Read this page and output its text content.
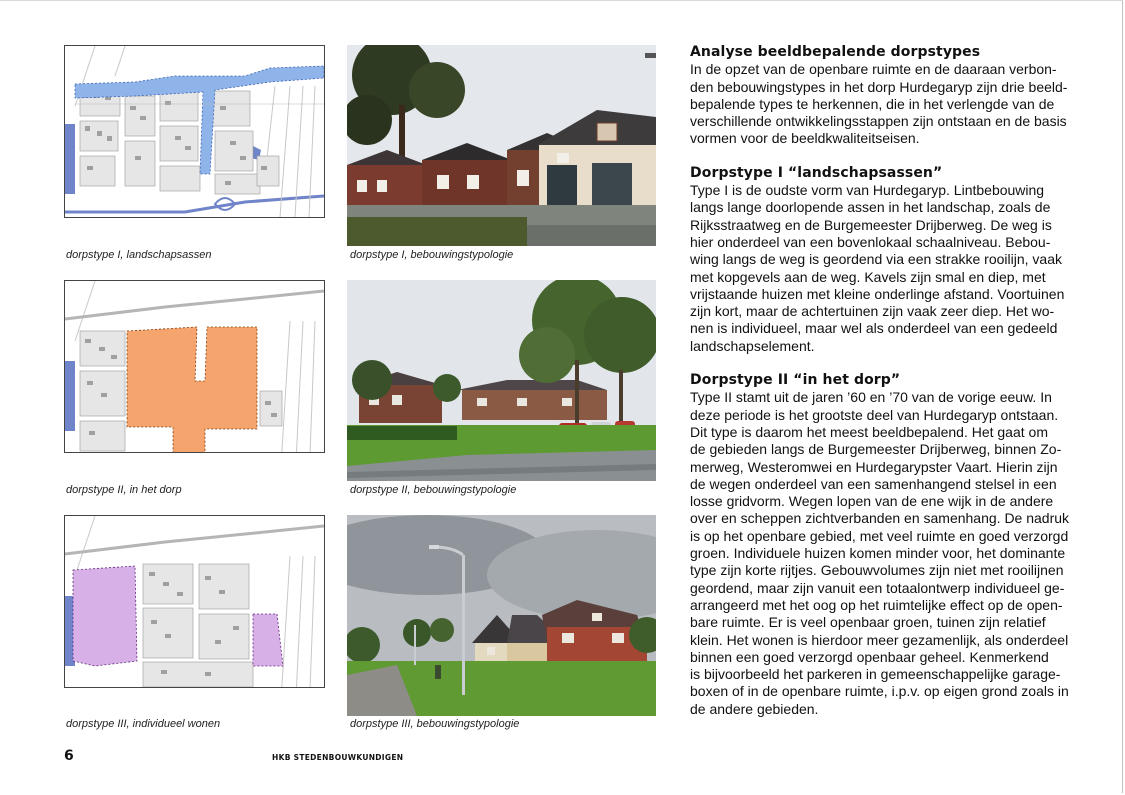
dorpstype I, landschapsassen	dorpstype I, bebouwingstypologie
dorpstype II, in het dorp	dorpstype II, bebouwingstypologie
dorpstype III, individueel wonen	dorpstype III, bebouwingstypologie
Analyse beeldbepalende dorpstypes

In de opzet van de openbare ruimte en de daaraan verbon-
den bebouwingstypes in het dorp Hurdegaryp zijn drie beeld-
bepalende types te herkennen, die in het verlengde van de
verschillende ontwikkelingsstappen zijn ontstaan en de basis
vormen voor de beeldkwaliteitseisen.

Dorpstype I “landschapsassen”

Type I is de oudste vorm van Hurdegaryp. Lintbebouwing
langs lange doorlopende assen in het landschap, zoals de
Rijksstraatweg en de Burgemeester Drijberweg. De weg is
hier onderdeel van een bovenlokaal schaalniveau. Bebou-
wing langs de weg is geordend via een strakke rooilijn, vaak
met kopgevels aan de weg. Kavels zijn smal en diep, met
vrijstaande huizen met kleine onderlinge afstand. Voortuinen
zijn kort, maar de achtertuinen zijn vaak zeer diep. Het wo-
nen is individueel, maar wel als onderdeel van een gedeeld
landschapselement.

Dorpstype II “in het dorp”

Type II stamt uit de jaren ’60 en ’70 van de vorige eeuw. In
deze periode is het grootste deel van Hurdegaryp ontstaan.
Dit type is daarom het meest beeldbepalend. Het gaat om
de gebieden langs de Burgemeester Drijberweg, binnen Zo-
merweg, Westeromwei en Hurdegarypster Vaart. Hierin zijn
de wegen onderdeel van een samenhangend stelsel in een
losse gridvorm. Wegen lopen van de ene wijk in de andere
over en scheppen zichtverbanden en samenhang. De nadruk
is op het openbare gebied, met veel ruimte en goed verzorgd
groen. Individuele huizen komen minder voor, het dominante
type zijn korte rijtjes. Gebouwvolumes zijn niet met rooilijnen
geordend, maar zijn vanuit een totaalontwerp individueel ge-
arrangeerd met het oog op het ruimtelijke effect op de open-
bare ruimte. Er is veel openbaar groen, tuinen zijn relatief
klein. Het wonen is hierdoor meer gezamenlijk, als onderdeel
binnen een goed verzorgd openbaar geheel. Kenmerkend
is bijvoorbeeld het parkeren in gemeenschappelijke garage-
boxen of in de openbare ruimte, i.p.v. op eigen grond zoals in
de andere gebieden.

6	HKB STEDENBOUWKUNDIGEN
